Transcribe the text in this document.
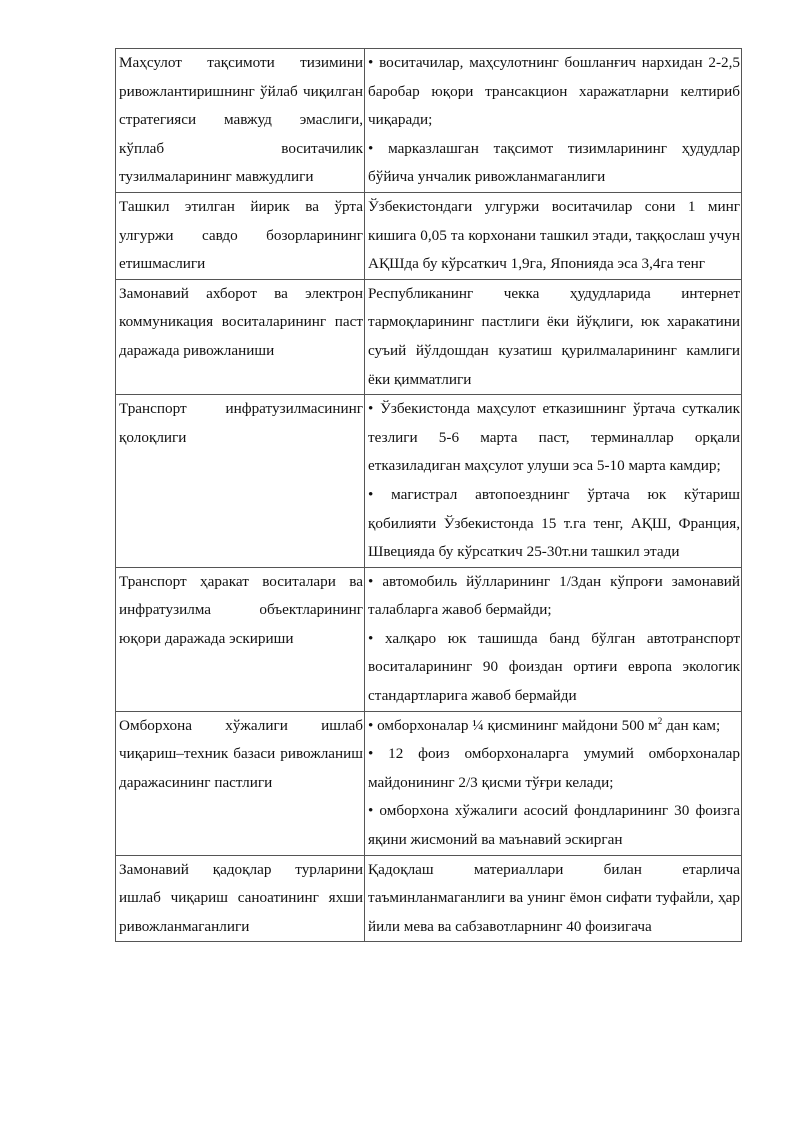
Маҳсулот тақсимоти тизимини ривожлантиришнинг ўйлаб чиқилган стратегияси мавжуд эмаслиги, кўплаб воситачилик тузилмаларининг мавжудлиги	• воситачилар, маҳсулотнинг бошланғич нархидан 2-2,5 баробар юқори трансакцион харажатларни келтириб чиқаради;

• марказлашган тақсимот тизимларининг ҳудудлар бўйича унчалик ривожланмаганлиги

Ташкил этилган йирик ва ўрта улгуржи савдо бозорларининг етишмаслиги	Ўзбекистондаги улгуржи воситачилар сони 1 минг кишига 0,05 та корхонани ташкил этади, таққослаш учун АҚШда бу кўрсаткич 1,9га, Японияда эса 3,4га тенг

Замонавий ахборот ва электрон коммуникация воситаларининг паст даражада ривожланиши	Республиканинг чекка ҳудудларида интернет тармоқларининг пастлиги ёки йўқлиги, юк харакатини суъий йўлдошдан кузатиш қурилмаларининг камлиги ёки қимматлиги

Транспорт инфратузилмасининг қолоқлиги	• Ўзбекистонда маҳсулот етказишнинг ўртача суткалик тезлиги 5-6 марта паст, терминаллар орқали етказиладиган маҳсулот улуши эса 5-10 марта камдир;

• магистрал автопоезднинг ўртача юк кўтариш қобилияти Ўзбекистонда 15 т.га тенг, АҚШ, Франция, Швецияда бу кўрсаткич 25-30т.ни ташкил этади

Транспорт ҳаракат воситалари ва инфратузилма объектларининг юқори даражада эскириши	• автомобиль йўлларининг 1/3дан кўпроғи замонавий талабларга жавоб бермайди;

• халқаро юк ташишда банд бўлган автотранспорт воситаларининг 90 фоиздан ортиғи европа экологик стандартларига жавоб бермайди

Омборхона хўжалиги ишлаб чиқариш–техник базаси ривожланиш даражасининг пастлиги	• омборхоналар ¼ қисмининг майдони 500 $м^2$ дан кам;

• 12 фоиз омборхоналарга умумий омборхоналар майдонининг 2/3 қисми тўғри келади;

• омборхона хўжалиги асосий фондларининг 30 фоизга яқини жисмоний ва маънавий эскирган

Замонавий қадоқлар турларини ишлаб чиқариш саноатининг яхши ривожланмаганлиги	Қадоқлаш материаллари билан етарлича таъминланмаганлиги ва унинг ёмон сифати туфайли, ҳар йили мева ва сабзавотларнинг 40 фоизигача
